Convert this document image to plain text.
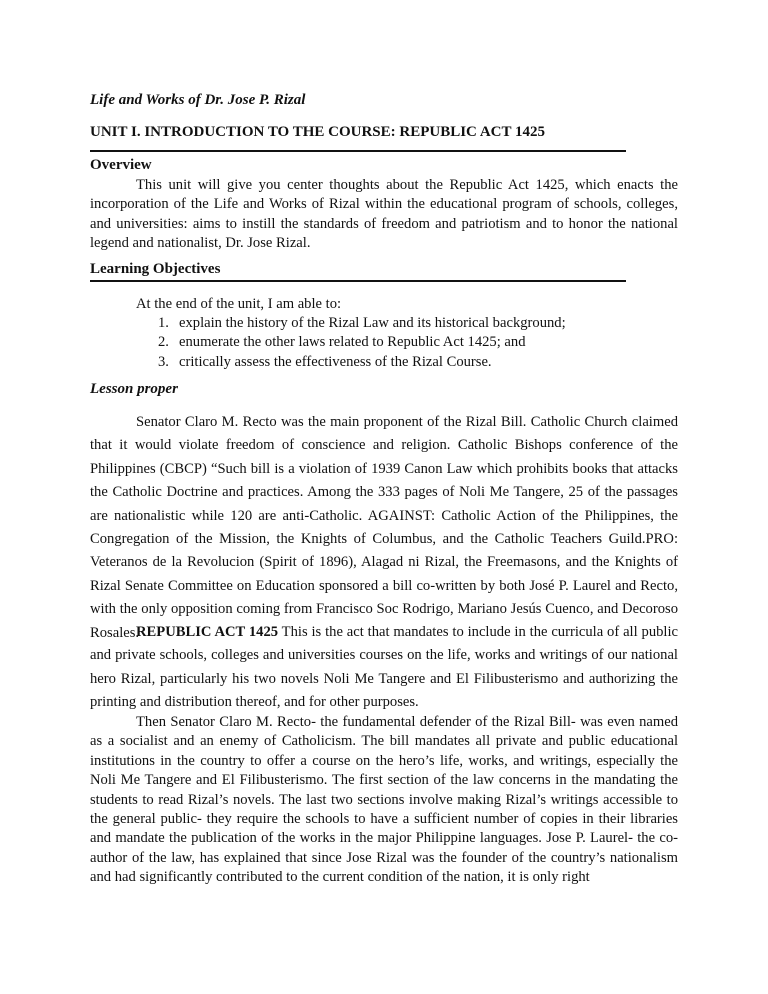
Life and Works of Dr. Jose P. Rizal
UNIT I. INTRODUCTION TO THE COURSE: REPUBLIC ACT 1425
Overview

This unit will give you center thoughts about the Republic Act 1425, which enacts the incorporation of the Life and Works of Rizal within the educational program of schools, colleges, and universities: aims to instill the standards of freedom and patriotism and to honor the national legend and nationalist, Dr. Jose Rizal.

Learning Objectives
At the end of the unit, I am able to:
1. explain the history of the Rizal Law and its historical background;
2. enumerate the other laws related to Republic Act 1425; and
3. critically assess the effectiveness of the Rizal Course.
Lesson proper

Senator Claro M. Recto was the main proponent of the Rizal Bill. Catholic Church claimed that it would violate freedom of conscience and religion. Catholic Bishops conference of the Philippines (CBCP) “Such bill is a violation of 1939 Canon Law which prohibits books that attacks the Catholic Doctrine and practices. Among the 333 pages of Noli Me Tangere, 25 of the passages are nationalistic while 120 are anti-Catholic. AGAINST: Catholic Action of the Philippines, the Congregation of the Mission, the Knights of Columbus, and the Catholic Teachers Guild.PRO: Veteranos de la Revolucion (Spirit of 1896), Alagad ni Rizal, the Freemasons, and the Knights of Rizal Senate Committee on Education sponsored a bill co-written by both José P. Laurel and Recto, with the only opposition coming from Francisco Soc Rodrigo, Mariano Jesús Cuenco, and Decoroso Rosales.

REPUBLIC ACT 1425 This is the act that mandates to include in the curricula of all public and private schools, colleges and universities courses on the life, works and writings of our national hero Rizal, particularly his two novels Noli Me Tangere and El Filibusterismo and authorizing the printing and distribution thereof, and for other purposes.

Then Senator Claro M. Recto- the fundamental defender of the Rizal Bill- was even named as a socialist and an enemy of Catholicism. The bill mandates all private and public educational institutions in the country to offer a course on the hero’s life, works, and writings, especially the Noli Me Tangere and El Filibusterismo. The first section of the law concerns in the mandating the students to read Rizal’s novels. The last two sections involve making Rizal’s writings accessible to the general public- they require the schools to have a sufficient number of copies in their libraries and mandate the publication of the works in the major Philippine languages. Jose P. Laurel- the co- author of the law, has explained that since Jose Rizal was the founder of the country’s nationalism and had significantly contributed to the current condition of the nation, it is only right
